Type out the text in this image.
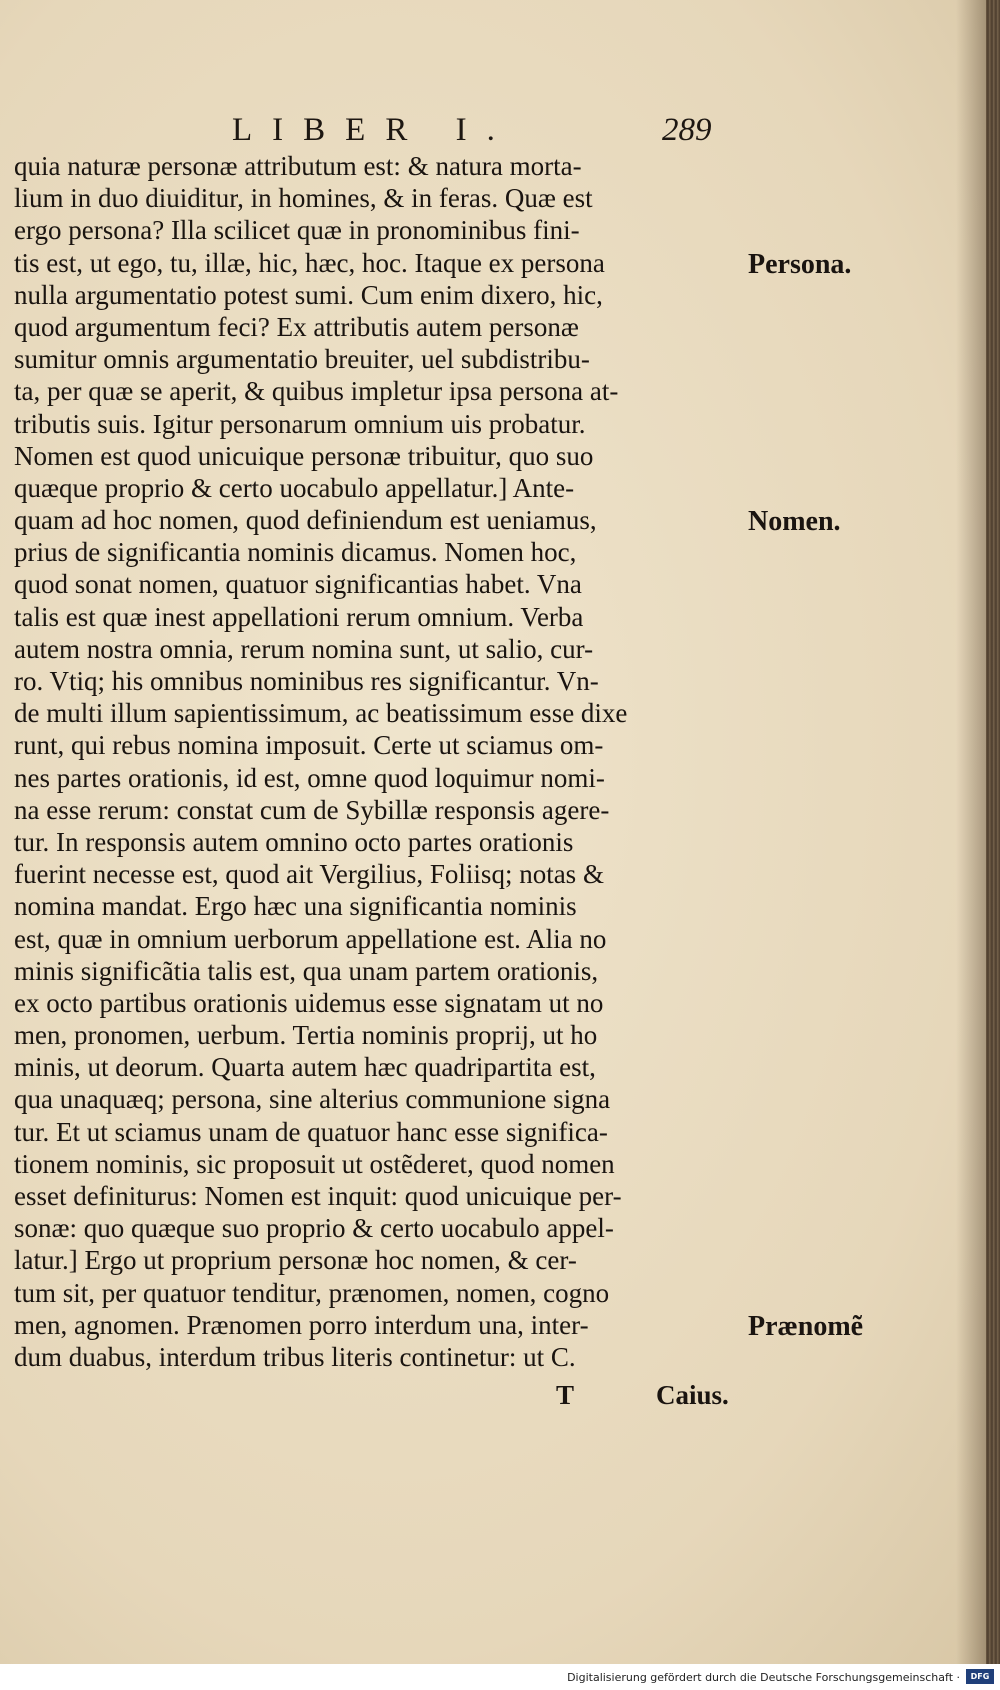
LIBER I.	289
quia naturæ personæ attributum est: & natura morta-
lium in duo diuiditur, in homines, & in feras. Quæ est
ergo persona? Illa scilicet quæ in pronominibus fini-
tis est, ut ego, tu, illæ, hic, hæc, hoc. Itaque ex persona
nulla argumentatio potest sumi. Cum enim dixero, hic,
quod argumentum feci? Ex attributis autem personæ
sumitur omnis argumentatio breuiter, uel subdistribu-
ta, per quæ se aperit, & quibus impletur ipsa persona at-
tributis suis. Igitur personarum omnium uis probatur.
Nomen est quod unicuique personæ tribuitur, quo suo
quæque proprio & certo uocabulo appellatur.] Ante-
quam ad hoc nomen, quod definiendum est ueniamus,
prius de significantia nominis dicamus. Nomen hoc,
quod sonat nomen, quatuor significantias habet. Vna
talis est quæ inest appellationi rerum omnium. Verba
autem nostra omnia, rerum nomina sunt, ut salio, cur-
ro. Vtiq; his omnibus nominibus res significantur. Vn-
de multi illum sapientissimum, ac beatissimum esse dixe
runt, qui rebus nomina imposuit. Certe ut sciamus om-
nes partes orationis, id est, omne quod loquimur nomi-
na esse rerum: constat cum de Sybillæ responsis agere-
tur. In responsis autem omnino octo partes orationis
fuerint necesse est, quod ait Vergilius, Foliisq; notas &
nomina mandat. Ergo hæc una significantia nominis
est, quæ in omnium uerborum appellatione est. Alia no
minis significãtia talis est, qua unam partem orationis,
ex octo partibus orationis uidemus esse signatam ut no
men, pronomen, uerbum. Tertia nominis proprij, ut ho
minis, ut deorum. Quarta autem hæc quadripartita est,
qua unaquæq; persona, sine alterius communione signa
tur. Et ut sciamus unam de quatuor hanc esse significa-
tionem nominis, sic proposuit ut ostẽderet, quod nomen
esset definiturus: Nomen est inquit: quod unicuique per-
sonæ: quo quæque suo proprio & certo uocabulo appel-
latur.] Ergo ut proprium personæ hoc nomen, & cer-
tum sit, per quatuor tenditur, prænomen, nomen, cogno
men, agnomen. Prænomen porro interdum una, inter-
dum duabus, interdum tribus literis continetur: ut C.
Persona.
Nomen.
Prænomẽ
T	Caius.
Digitalisierung gefördert durch die Deutsche Forschungsgemeinschaft ·	DFG
